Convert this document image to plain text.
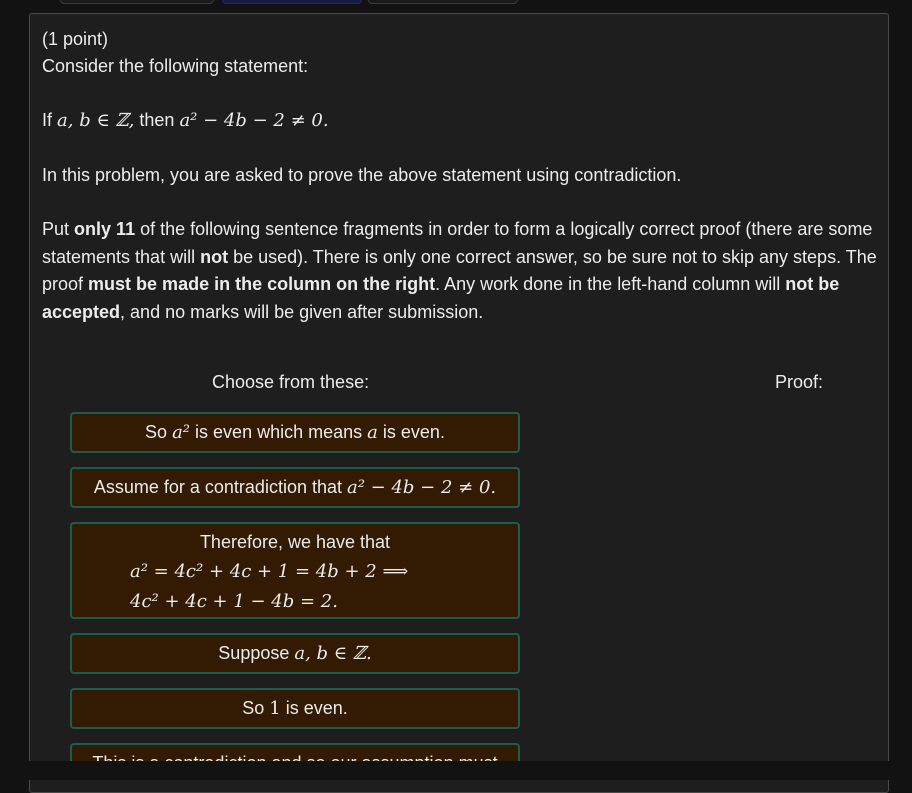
(1 point)
Consider the following statement:
If a, b ∈ ℤ, then a² − 4b − 2 ≠ 0.
In this problem, you are asked to prove the above statement using contradiction.
Put only 11 of the following sentence fragments in order to form a logically correct proof (there are some statements that will not be used). There is only one correct answer, so be sure not to skip any steps. The proof must be made in the column on the right. Any work done in the left-hand column will not be accepted, and no marks will be given after submission.
Choose from these:	Proof:
So a² is even which means a is even.
Assume for a contradiction that a² − 4b − 2 ≠ 0.
Therefore, we have that
a² = 4c² + 4c + 1 = 4b + 2 ⟹
4c² + 4c + 1 − 4b = 2.
Suppose a, b ∈ ℤ.
So 1 is even.
